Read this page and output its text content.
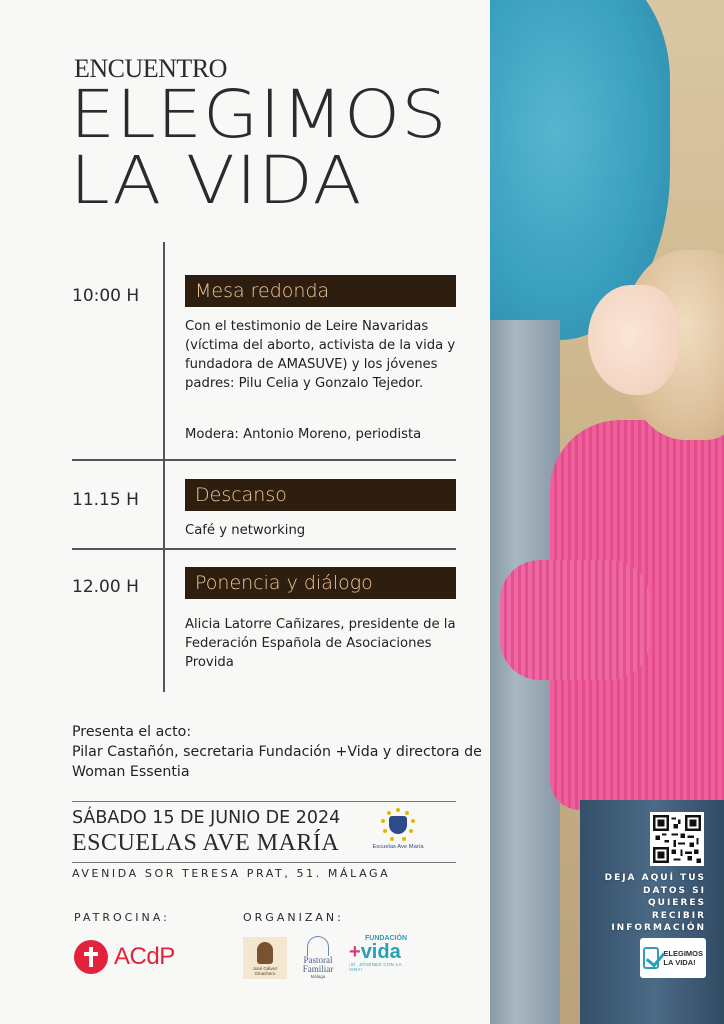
DEJA AQUÍ TUS DATOS SI QUIERES RECIBIR INFORMACIÓN
ELEGIMOS
LA VIDA!
ENCUENTRO
ELEGIMOS
LA VIDA
10:00 H	Mesa redonda
Con el testimonio de Leire Navaridas (víctima del aborto, activista de la vida y fundadora de AMASUVE) y los jóvenes padres: Pilu Celia y Gonzalo Tejedor.
Modera: Antonio Moreno, periodista
11.15 H	Descanso
Café y networking
12.00 H	Ponencia y diálogo
Alicia Latorre Cañizares, presidente de la Federación Española de Asociaciones Provida
Presenta el acto:
Pilar Castañón, secretaria Fundación +Vida y directora de Woman Essentia
SÁBADO 15 DE JUNIO DE 2024
ESCUELAS AVE MARÍA
AVENIDA SOR TERESA PRAT, 51. MÁLAGA
Escuelas Ave María
PATROCINA:	ORGANIZAN:
ACdP	José Gálvez Ginachero
Pastoral
Familiar
Málaga
FUNDACIÓN
+vida
¡SÍ, JÓVENES CON LA VIDA!
